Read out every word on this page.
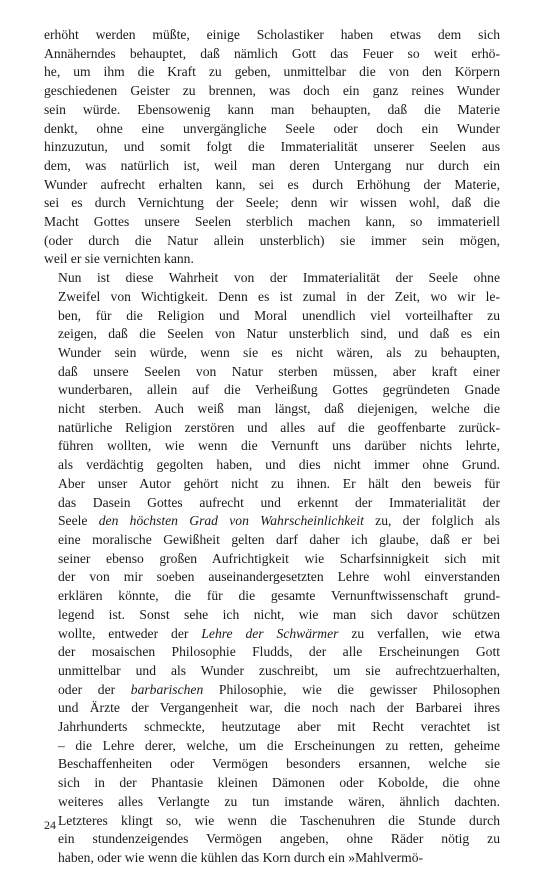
erhöht werden müßte, einige Scholastiker haben etwas dem sich
Annäherndes behauptet, daß nämlich Gott das Feuer so weit erhö-
he, um ihm die Kraft zu geben, unmittelbar die von den Körpern
geschiedenen Geister zu brennen, was doch ein ganz reines Wunder
sein würde. Ebensowenig kann man behaupten, daß die Materie
denkt, ohne eine unvergängliche Seele oder doch ein Wunder
hinzuzutun, und somit folgt die Immaterialität unserer Seelen aus
dem, was natürlich ist, weil man deren Untergang nur durch ein
Wunder aufrecht erhalten kann, sei es durch Erhöhung der Materie,
sei es durch Vernichtung der Seele; denn wir wissen wohl, daß die
Macht Gottes unsere Seelen sterblich machen kann, so immateriell
(oder durch die Natur allein unsterblich) sie immer sein mögen,
weil er sie vernichten kann.
Nun ist diese Wahrheit von der Immaterialität der Seele ohne
Zweifel von Wichtigkeit. Denn es ist zumal in der Zeit, wo wir le-
ben, für die Religion und Moral unendlich viel vorteilhafter zu
zeigen, daß die Seelen von Natur unsterblich sind, und daß es ein
Wunder sein würde, wenn sie es nicht wären, als zu behaupten,
daß unsere Seelen von Natur sterben müssen, aber kraft einer
wunderbaren, allein auf die Verheißung Gottes gegründeten Gnade
nicht sterben. Auch weiß man längst, daß diejenigen, welche die
natürliche Religion zerstören und alles auf die geoffenbarte zurück-
führen wollten, wie wenn die Vernunft uns darüber nichts lehrte,
als verdächtig gegolten haben, und dies nicht immer ohne Grund.
Aber unser Autor gehört nicht zu ihnen. Er hält den beweis für
das Dasein Gottes aufrecht und erkennt der Immaterialität der
Seele den höchsten Grad von Wahrscheinlichkeit zu, der folglich als
eine moralische Gewißheit gelten darf daher ich glaube, daß er bei
seiner ebenso großen Aufrichtigkeit wie Scharfsinnigkeit sich mit
der von mir soeben auseinandergesetzten Lehre wohl einverstanden
erklären könnte, die für die gesamte Vernunftwissenschaft grund-
legend ist. Sonst sehe ich nicht, wie man sich davor schützen
wollte, entweder der Lehre der Schwärmer zu verfallen, wie etwa
der mosaischen Philosophie Fludds, der alle Erscheinungen Gott
unmittelbar und als Wunder zuschreibt, um sie aufrechtzuerhalten,
oder der barbarischen Philosophie, wie die gewisser Philosophen
und Ärzte der Vergangenheit war, die noch nach der Barbarei ihres
Jahrhunderts schmeckte, heutzutage aber mit Recht verachtet ist
– die Lehre derer, welche, um die Erscheinungen zu retten, geheime
Beschaffenheiten oder Vermögen besonders ersannen, welche sie
sich in der Phantasie kleinen Dämonen oder Kobolde, die ohne
weiteres alles Verlangte zu tun imstande wären, ähnlich dachten.
Letzteres klingt so, wie wenn die Taschenuhren die Stunde durch
ein stundenzeigendes Vermögen angeben, ohne Räder nötig zu
haben, oder wie wenn die kühlen das Korn durch ein »Mahlvermö-
24
